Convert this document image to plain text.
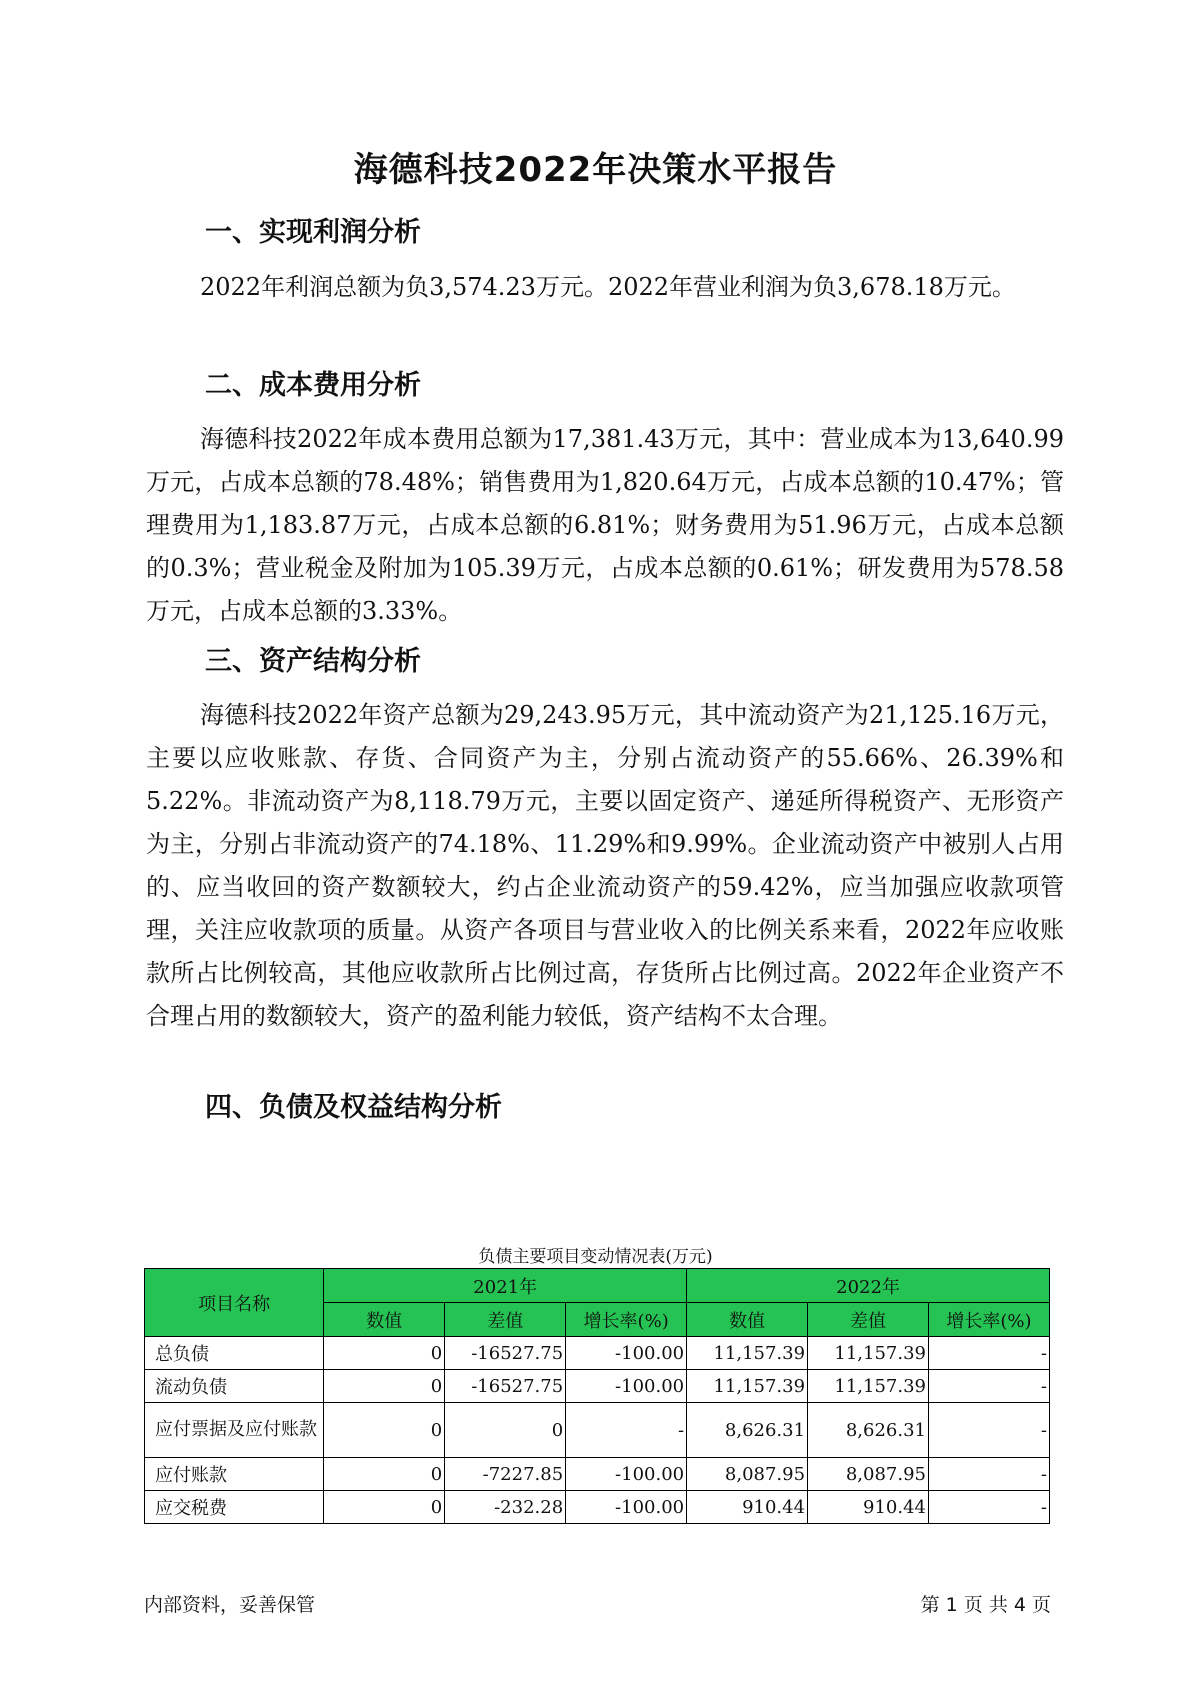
海德科技2022年决策水平报告
一、实现利润分析

2022年利润总额为负3,574.23万元。2022年营业利润为负3,678.18万元。

二、成本费用分析

海德科技2022年成本费用总额为17,381.43万元，其中：营业成本为13,640.99万元，占成本总额的78.48%；销售费用为1,820.64万元，占成本总额的10.47%；管理费用为1,183.87万元，占成本总额的6.81%；财务费用为51.96万元，占成本总额的0.3%；营业税金及附加为105.39万元，占成本总额的0.61%；研发费用为578.58万元，占成本总额的3.33%。

三、资产结构分析

海德科技2022年资产总额为29,243.95万元，其中流动资产为21,125.16万元，主要以应收账款、存货、合同资产为主，分别占流动资产的55.66%、26.39%和5.22%。非流动资产为8,118.79万元，主要以固定资产、递延所得税资产、无形资产为主，分别占非流动资产的74.18%、11.29%和9.99%。企业流动资产中被别人占用的、应当收回的资产数额较大，约占企业流动资产的59.42%，应当加强应收款项管理，关注应收款项的质量。从资产各项目与营业收入的比例关系来看，2022年应收账款所占比例较高，其他应收款所占比例过高，存货所占比例过高。2022年企业资产不合理占用的数额较大，资产的盈利能力较低，资产结构不太合理。

四、负债及权益结构分析
负债主要项目变动情况表(万元)
项目名称	2021年			2022年		
	数值	差值	增长率(%)	数值	差值	增长率(%)
总负债	0	-16527.75	-100.00	11,157.39	11,157.39	-
流动负债	0	-16527.75	-100.00	11,157.39	11,157.39	-
应付票据及应付账款	0	0	-	8,626.31	8,626.31	-
应付账款	0	-7227.85	-100.00	8,087.95	8,087.95	-
应交税费	0	-232.28	-100.00	910.44	910.44	-
内部资料，妥善保管	第 1 页 共 4 页
